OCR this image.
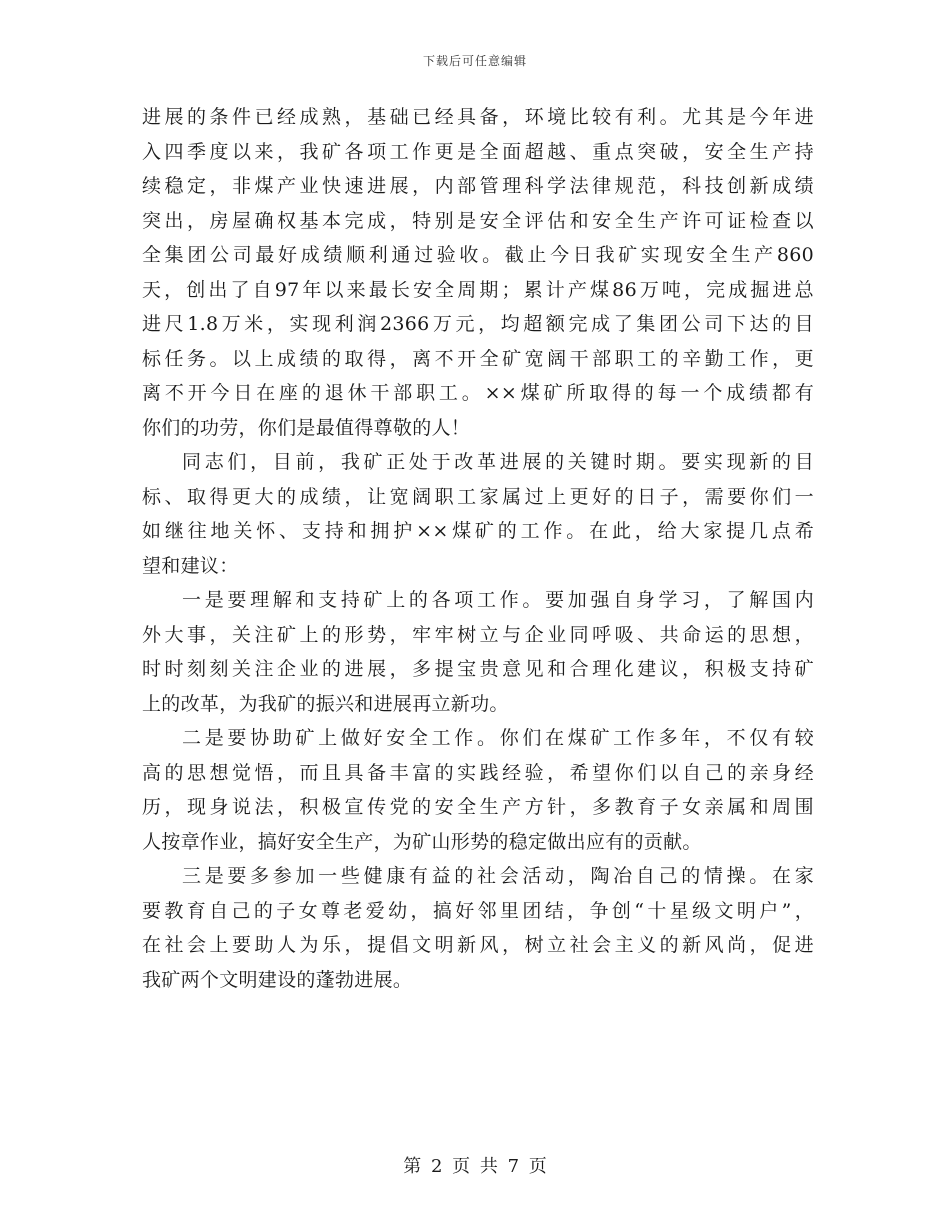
下载后可任意编辑
进展的条件已经成熟，基础已经具备，环境比较有利。尤其是今年进
入四季度以来，我矿各项工作更是全面超越、重点突破，安全生产持
续稳定，非煤产业快速进展，内部管理科学法律规范，科技创新成绩
突出，房屋确权基本完成，特别是安全评估和安全生产许可证检查以
全集团公司最好成绩顺利通过验收。截止今日我矿实现安全生产860
天，创出了自97年以来最长安全周期；累计产煤86万吨，完成掘进总
进尺1.8万米，实现利润2366万元，均超额完成了集团公司下达的目
标任务。以上成绩的取得，离不开全矿宽阔干部职工的辛勤工作，更
离不开今日在座的退休干部职工。××煤矿所取得的每一个成绩都有
你们的功劳，你们是最值得尊敬的人！
同志们，目前，我矿正处于改革进展的关键时期。要实现新的目
标、取得更大的成绩，让宽阔职工家属过上更好的日子，需要你们一
如继往地关怀、支持和拥护××煤矿的工作。在此，给大家提几点希
望和建议：
一是要理解和支持矿上的各项工作。要加强自身学习，了解国内
外大事，关注矿上的形势，牢牢树立与企业同呼吸、共命运的思想，
时时刻刻关注企业的进展，多提宝贵意见和合理化建议，积极支持矿
上的改革，为我矿的振兴和进展再立新功。
二是要协助矿上做好安全工作。你们在煤矿工作多年，不仅有较
高的思想觉悟，而且具备丰富的实践经验，希望你们以自己的亲身经
历，现身说法，积极宣传党的安全生产方针，多教育子女亲属和周围
人按章作业，搞好安全生产，为矿山形势的稳定做出应有的贡献。
三是要多参加一些健康有益的社会活动，陶冶自己的情操。在家
要教育自己的子女尊老爱幼，搞好邻里团结，争创“十星级文明户”，
在社会上要助人为乐，提倡文明新风，树立社会主义的新风尚，促进
我矿两个文明建设的蓬勃进展。
第 2 页 共 7 页
